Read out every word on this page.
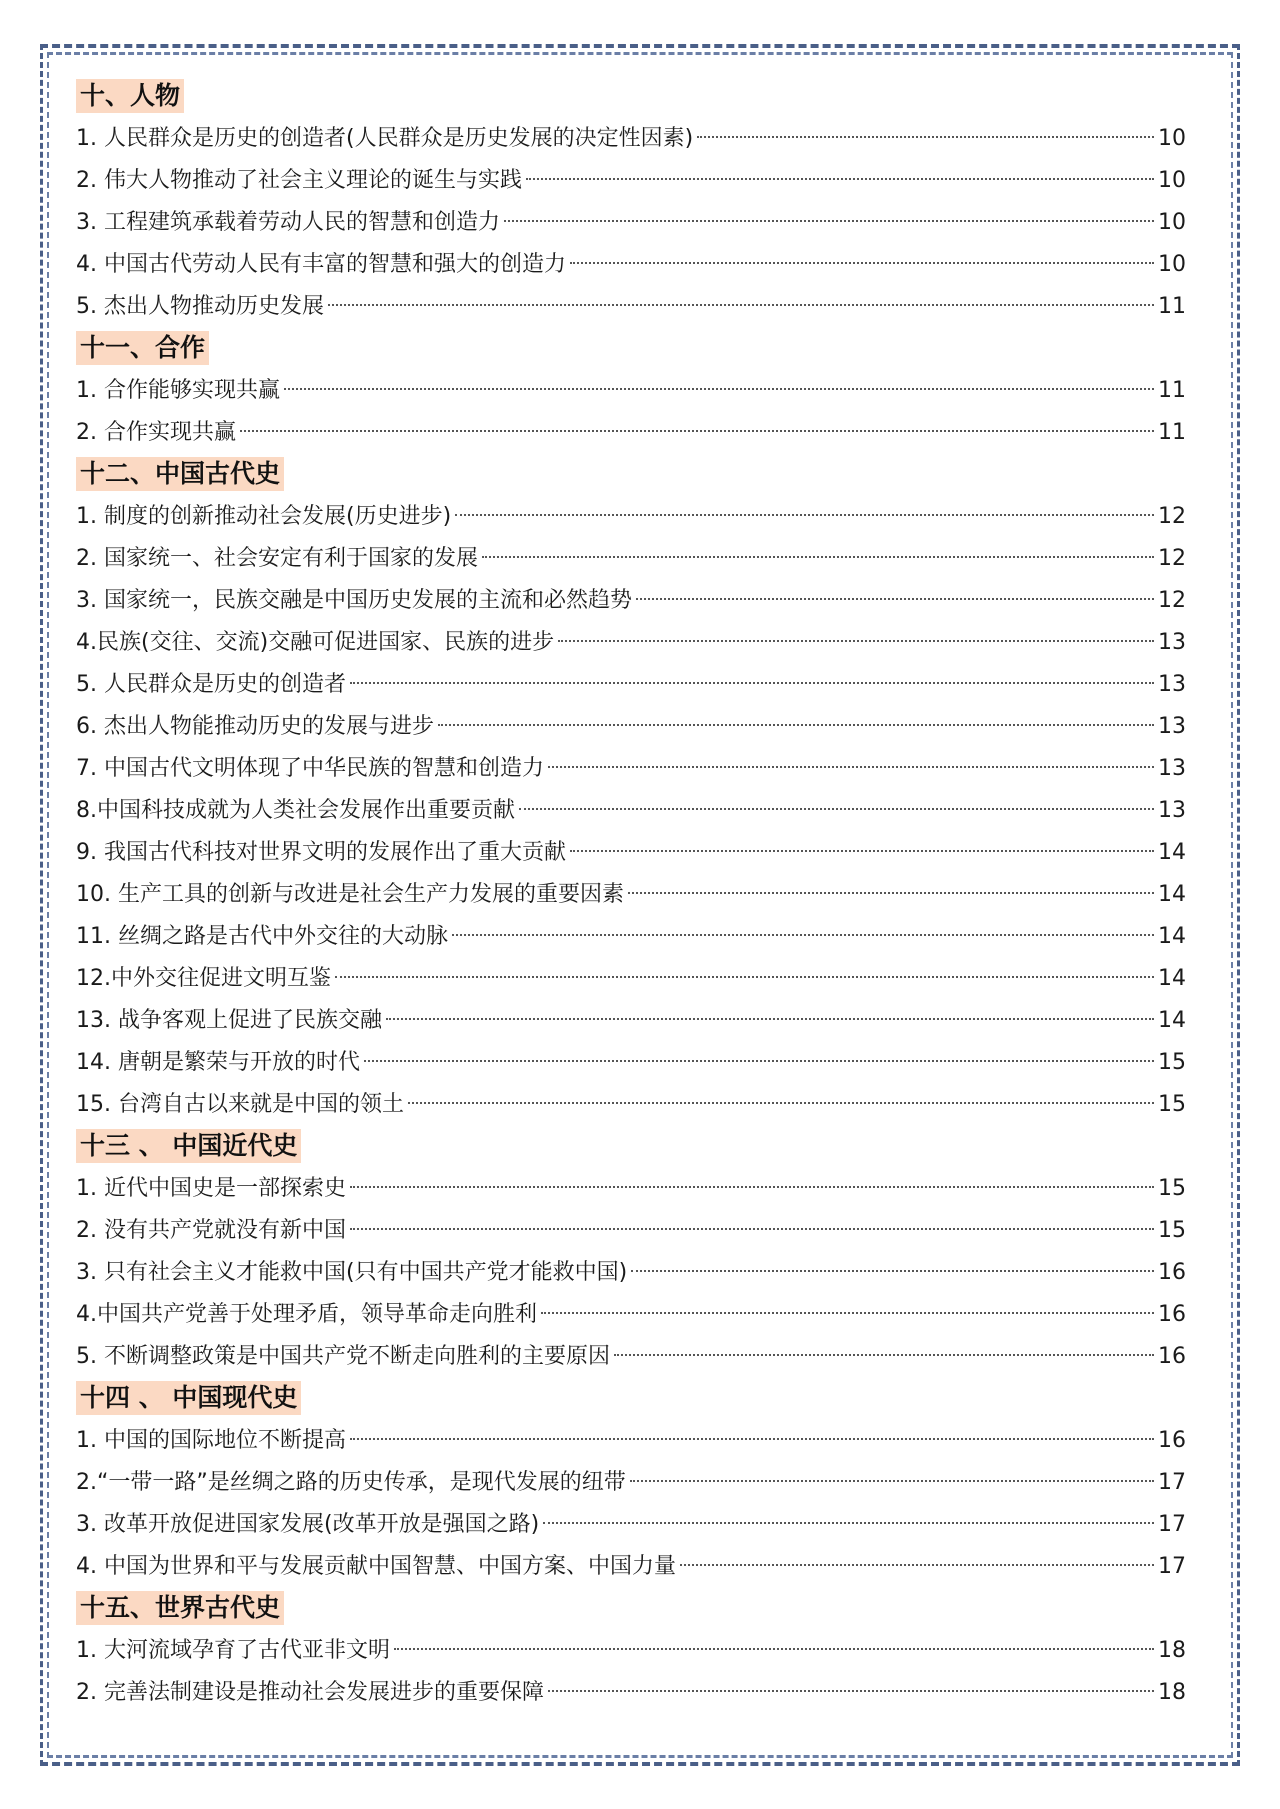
十、人物
1. 人民群众是历史的创造者(人民群众是历史发展的决定性因素)	10
2. 伟大人物推动了社会主义理论的诞生与实践	10
3. 工程建筑承载着劳动人民的智慧和创造力	10
4. 中国古代劳动人民有丰富的智慧和强大的创造力	10
5. 杰出人物推动历史发展	11
十一、合作
1. 合作能够实现共赢	11
2. 合作实现共赢	11
十二、中国古代史
1. 制度的创新推动社会发展(历史进步)	12
2. 国家统一、社会安定有利于国家的发展	12
3. 国家统一，民族交融是中国历史发展的主流和必然趋势	12
4.民族(交往、交流)交融可促进国家、民族的进步	13
5. 人民群众是历史的创造者	13
6. 杰出人物能推动历史的发展与进步	13
7. 中国古代文明体现了中华民族的智慧和创造力	13
8.中国科技成就为人类社会发展作出重要贡献	13
9. 我国古代科技对世界文明的发展作出了重大贡献	14
10. 生产工具的创新与改进是社会生产力发展的重要因素	14
11. 丝绸之路是古代中外交往的大动脉	14
12.中外交往促进文明互鉴	14
13. 战争客观上促进了民族交融	14
14. 唐朝是繁荣与开放的时代	15
15. 台湾自古以来就是中国的领土	15
十三 、 中国近代史
1. 近代中国史是一部探索史	15
2. 没有共产党就没有新中国	15
3. 只有社会主义才能救中国(只有中国共产党才能救中国)	16
4.中国共产党善于处理矛盾，领导革命走向胜利	16
5. 不断调整政策是中国共产党不断走向胜利的主要原因	16
十四 、 中国现代史
1. 中国的国际地位不断提高	16
2.“一带一路”是丝绸之路的历史传承，是现代发展的纽带	17
3. 改革开放促进国家发展(改革开放是强国之路)	17
4. 中国为世界和平与发展贡献中国智慧、中国方案、中国力量	17
十五、世界古代史
1. 大河流域孕育了古代亚非文明	18
2. 完善法制建设是推动社会发展进步的重要保障	18
